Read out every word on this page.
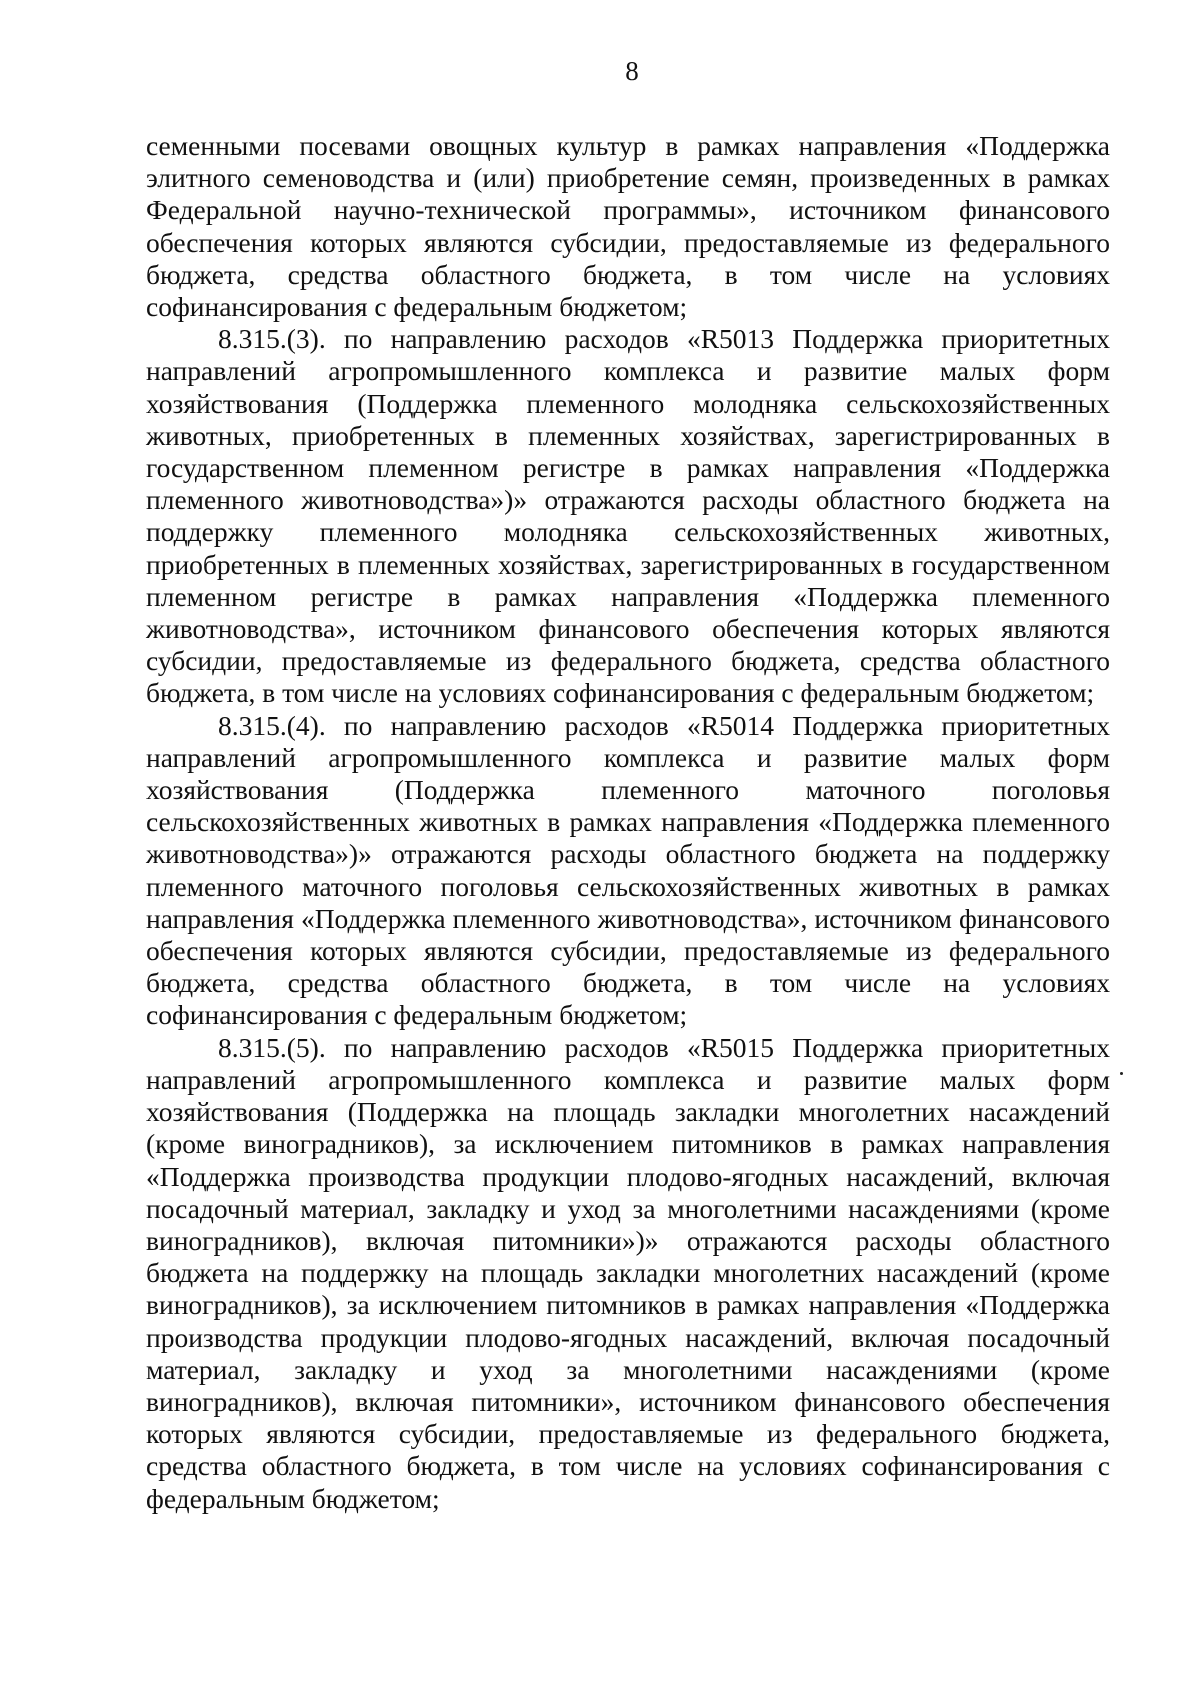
8

семенными посевами овощных культур в рамках направления «Поддержка элитного семеноводства и (или) приобретение семян, произведенных в рамках Федеральной научно-технической программы», источником финансового обеспечения которых являются субсидии, предоставляемые из федерального бюджета, средства областного бюджета, в том числе на условиях софинансирования с федеральным бюджетом;

8.315.(3). по направлению расходов «R5013 Поддержка приоритетных направлений агропромышленного комплекса и развитие малых форм хозяйствования (Поддержка племенного молодняка сельскохозяйственных животных, приобретенных в племенных хозяйствах, зарегистрированных в государственном племенном регистре в рамках направления «Поддержка племенного животноводства»)» отражаются расходы областного бюджета на поддержку племенного молодняка сельскохозяйственных животных, приобретенных в племенных хозяйствах, зарегистрированных в государственном племенном регистре в рамках направления «Поддержка племенного животноводства», источником финансового обеспечения которых являются субсидии, предоставляемые из федерального бюджета, средства областного бюджета, в том числе на условиях софинансирования с федеральным бюджетом;

8.315.(4). по направлению расходов «R5014 Поддержка приоритетных направлений агропромышленного комплекса и развитие малых форм хозяйствования (Поддержка племенного маточного поголовья сельскохозяйственных животных в рамках направления «Поддержка племенного животноводства»)» отражаются расходы областного бюджета на поддержку племенного маточного поголовья сельскохозяйственных животных в рамках направления «Поддержка племенного животноводства», источником финансового обеспечения которых являются субсидии, предоставляемые из федерального бюджета, средства областного бюджета, в том числе на условиях софинансирования с федеральным бюджетом;

8.315.(5). по направлению расходов «R5015 Поддержка приоритетных направлений агропромышленного комплекса и развитие малых форм хозяйствования (Поддержка на площадь закладки многолетних насаждений (кроме виноградников), за исключением питомников в рамках направления «Поддержка производства продукции плодово-ягодных насаждений, включая посадочный материал, закладку и уход за многолетними насаждениями (кроме виноградников), включая питомники»)» отражаются расходы областного бюджета на поддержку на площадь закладки многолетних насаждений (кроме виноградников), за исключением питомников в рамках направления «Поддержка производства продукции плодово-ягодных насаждений, включая посадочный материал, закладку и уход за многолетними насаждениями (кроме виноградников), включая питомники», источником финансового обеспечения которых являются субсидии, предоставляемые из федерального бюджета, средства областного бюджета, в том числе на условиях софинансирования с федеральным бюджетом;
